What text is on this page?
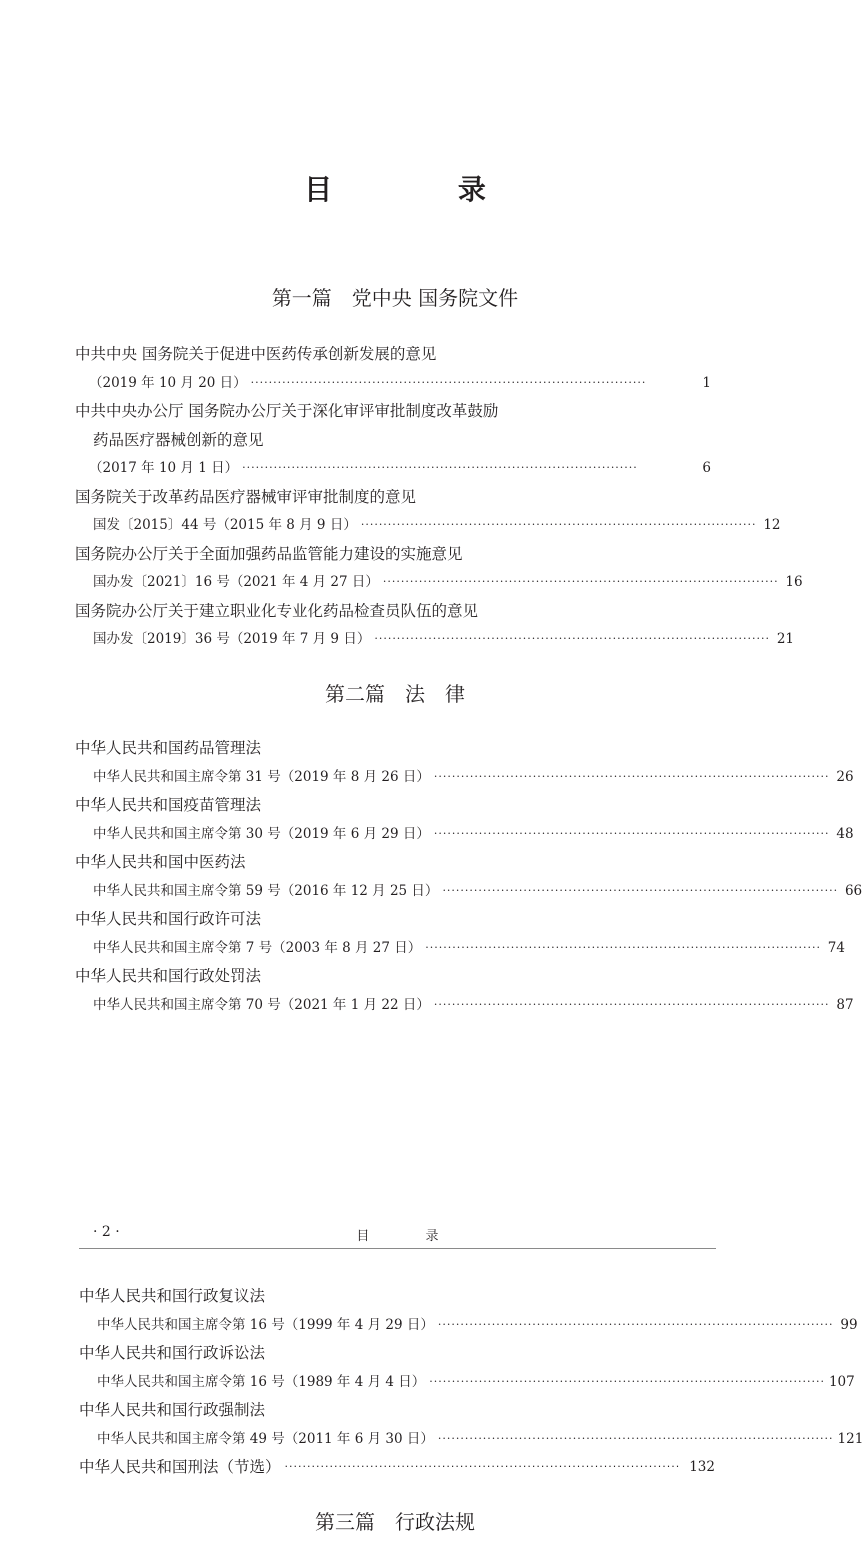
目 录
第一篇　党中央 国务院文件
中共中央 国务院关于促进中医药传承创新发展的意见
（2019 年 10 月 20 日） ························································································	1
中共中央办公厅 国务院办公厅关于深化审评审批制度改革鼓励
药品医疗器械创新的意见
（2017 年 10 月 1 日） ························································································	6
国务院关于改革药品医疗器械审评审批制度的意见
国发〔2015〕44 号（2015 年 8 月 9 日） ························································································ 12
国务院办公厅关于全面加强药品监管能力建设的实施意见
国办发〔2021〕16 号（2021 年 4 月 27 日） ························································································ 16
国务院办公厅关于建立职业化专业化药品检查员队伍的意见
国办发〔2019〕36 号（2019 年 7 月 9 日） ························································································ 21
第二篇　法　律
中华人民共和国药品管理法
中华人民共和国主席令第 31 号（2019 年 8 月 26 日） ························································································ 26
中华人民共和国疫苗管理法
中华人民共和国主席令第 30 号（2019 年 6 月 29 日） ························································································ 48
中华人民共和国中医药法
中华人民共和国主席令第 59 号（2016 年 12 月 25 日） ························································································ 66
中华人民共和国行政许可法
中华人民共和国主席令第 7 号（2003 年 8 月 27 日） ························································································ 74
中华人民共和国行政处罚法
中华人民共和国主席令第 70 号（2021 年 1 月 22 日） ························································································ 87
· 2 ·	目 录
中华人民共和国行政复议法
中华人民共和国主席令第 16 号（1999 年 4 月 29 日） ························································································ 99
中华人民共和国行政诉讼法
中华人民共和国主席令第 16 号（1989 年 4 月 4 日） ························································································ 107
中华人民共和国行政强制法
中华人民共和国主席令第 49 号（2011 年 6 月 30 日） ························································································ 121
中华人民共和国刑法（节选） ························································································ 132
第三篇　行政法规
